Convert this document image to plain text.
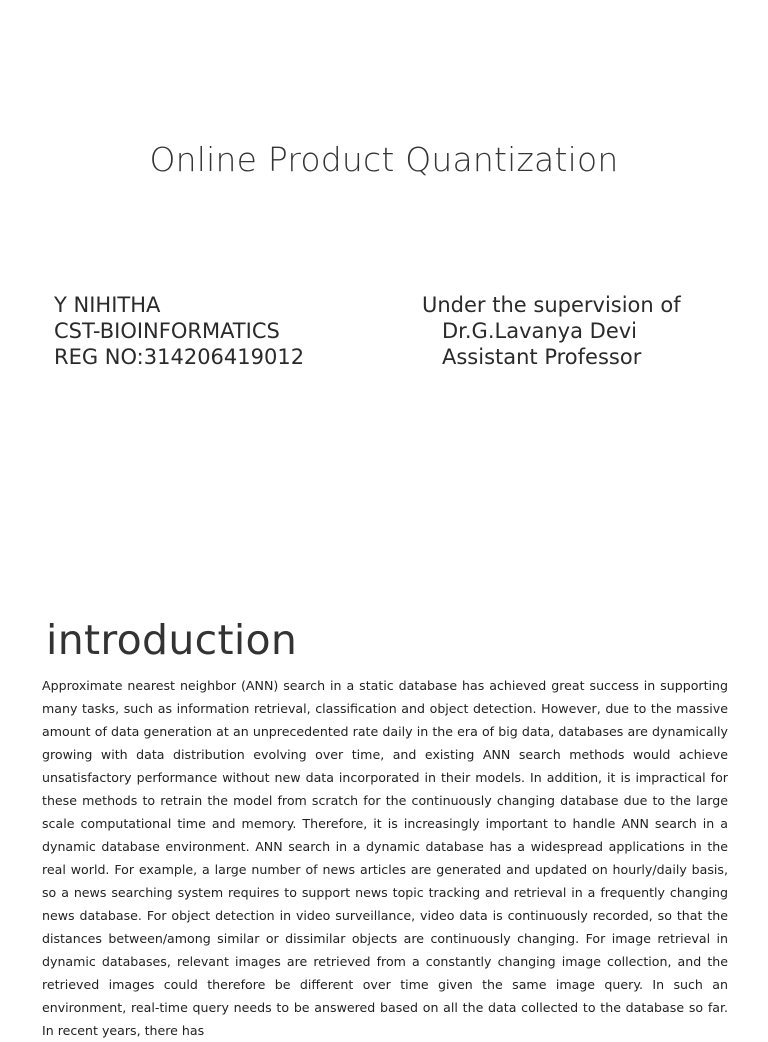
Online Product Quantization
Y NIHITHA
CST-BIOINFORMATICS
REG NO:314206419012
Under the supervision of
Dr.G.Lavanya Devi
Assistant Professor
introduction

Approximate nearest neighbor (ANN) search in a static database has achieved great success in supporting many tasks, such as information retrieval, classification and object detection. However, due to the massive amount of data generation at an unprecedented rate daily in the era of big data, databases are dynamically growing with data distribution evolving over time, and existing ANN search methods would achieve unsatisfactory performance without new data incorporated in their models. In addition, it is impractical for these methods to retrain the model from scratch for the continuously changing database due to the large scale computational time and memory. Therefore, it is increasingly important to handle ANN search in a dynamic database environment. ANN search in a dynamic database has a widespread applications in the real world. For example, a large number of news articles are generated and updated on hourly/daily basis, so a news searching system requires to support news topic tracking and retrieval in a frequently changing news database. For object detection in video surveillance, video data is continuously recorded, so that the distances between/among similar or dissimilar objects are continuously changing. For image retrieval in dynamic databases, relevant images are retrieved from a constantly changing image collection, and the retrieved images could therefore be different over time given the same image query. In such an environment, real-time query needs to be answered based on all the data collected to the database so far. In recent years, there has
